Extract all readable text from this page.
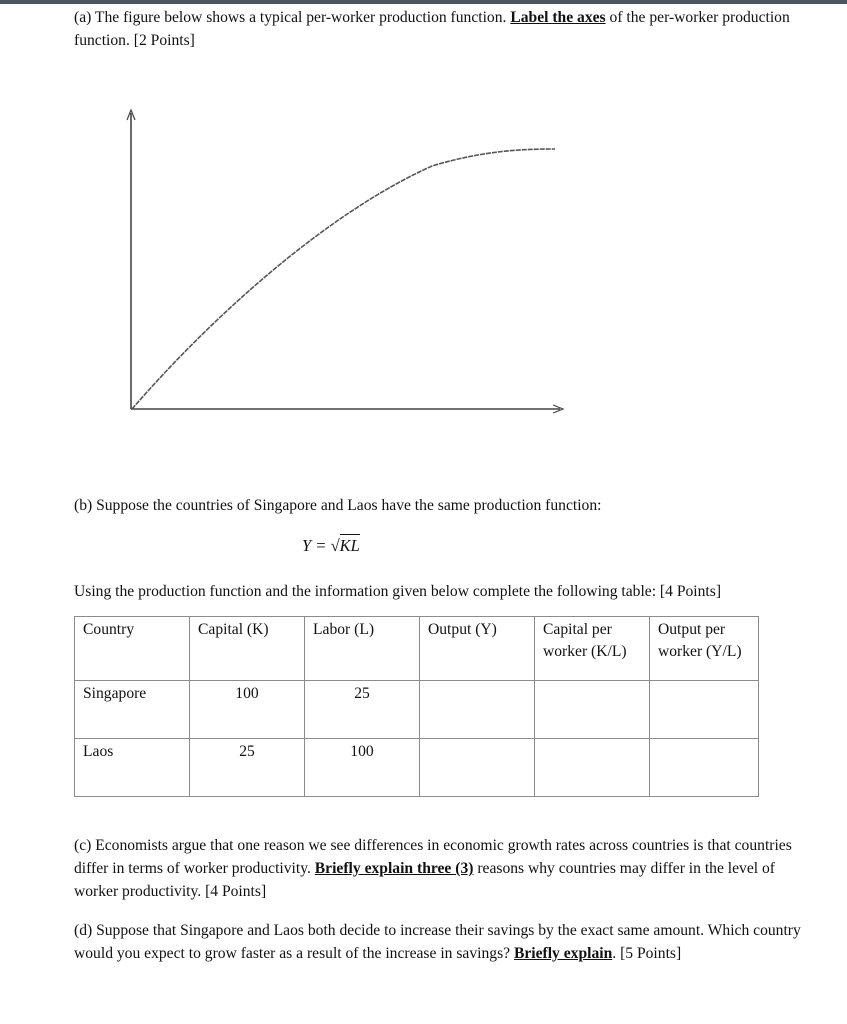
(a) The figure below shows a typical per-worker production function. Label the axes of the per-worker production function. [2 Points]
(b) Suppose the countries of Singapore and Laos have the same production function:
Y = √KL
Using the production function and the information given below complete the following table: [4 Points]
Country	Capital (K)	Labor (L)	Output (Y)	Capital per worker (K/L)	Output per worker (Y/L)
Singapore	100	25			
Laos	25	100			
(c) Economists argue that one reason we see differences in economic growth rates across countries is that countries differ in terms of worker productivity. Briefly explain three (3) reasons why countries may differ in the level of worker productivity. [4 Points]
(d) Suppose that Singapore and Laos both decide to increase their savings by the exact same amount. Which country would you expect to grow faster as a result of the increase in savings? Briefly explain. [5 Points]
